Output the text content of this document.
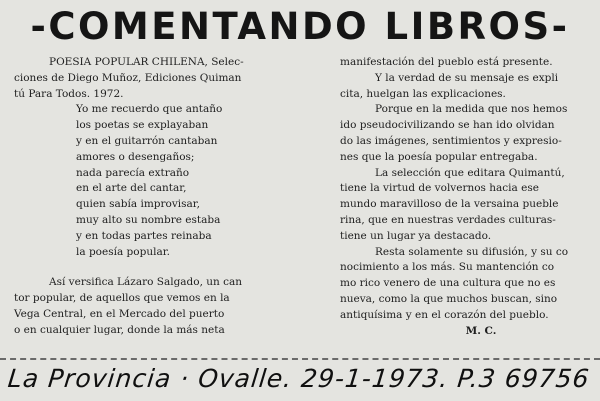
-COMENTANDO LIBROS-

POESIA POPULAR CHILENA, Selec-

ciones de Diego Muñoz, Ediciones Quiman

tú Para Todos. 1972.

Yo me recuerdo que antaño

los poetas se explayaban

y en el guitarrón cantaban

amores o desengaños;

nada parecía extraño

en el arte del cantar,

quien sabía improvisar,

muy alto su nombre estaba

y en todas partes reinaba

la poesía popular.

Así versifica Lázaro Salgado, un can

tor popular, de aquellos que vemos en la

Vega Central, en el Mercado del puerto

o en cualquier lugar, donde la más neta

manifestación del pueblo está presente.

Y la verdad de su mensaje es expli

cita, huelgan las explicaciones.

Porque en la medida que nos hemos

ido pseudocivilizando se han ido olvidan

do las imágenes, sentimientos y expresio-

nes que la poesía popular entregaba.

La selección que editara Quimantú,

tiene la virtud de volvernos hacia ese

mundo maravilloso de la versaina pueble

rina, que en nuestras verdades culturas-

tiene un lugar ya destacado.

Resta solamente su difusión, y su co

nocimiento a los más. Su mantención co

mo rico venero de una cultura que no es

nueva, como la que muchos buscan, sino

antiquísima y en el corazón del pueblo.

M. C.

La Provincia · Ovalle. 29-1-1973. P.3 69756
